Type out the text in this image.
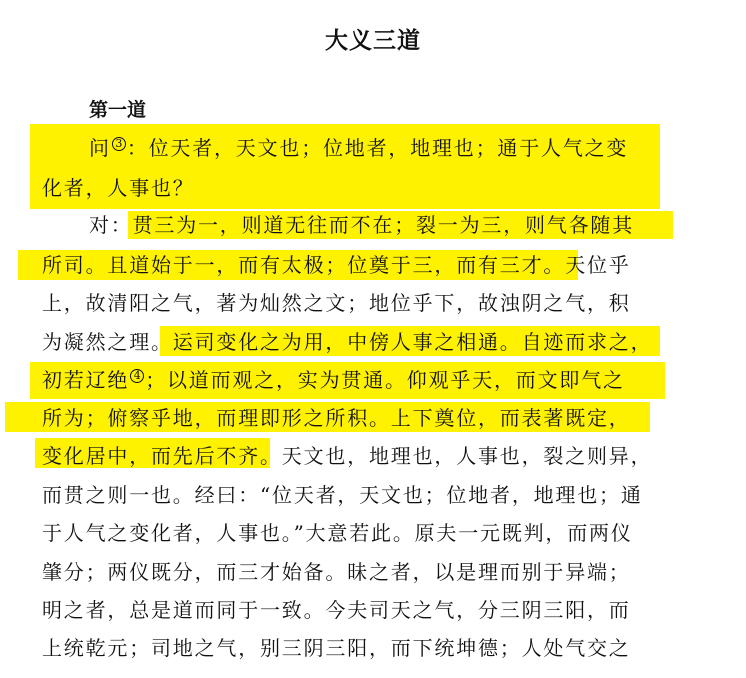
大义三道
第一道
问 3 ：位天者，天文也；位地者，地理也；通于人气之变
化者，人事也？
对：贯三为一，则道无往而不在；裂一为三，则气各随其
所司。且道始于一，而有太极；位奠于三，而有三才。天位乎
上，故清阳之气，著为灿然之文；地位乎下，故浊阴之气，积
为凝然之理。运司变化之为用，中傍人事之相通。自迹而求之，
初若辽绝 4 ；以道而观之，实为贯通。仰观乎天，而文即气之
所为；俯察乎地，而理即形之所积。上下奠位，而表著既定，
变化居中，而先后不齐。天文也，地理也，人事也，裂之则异，
而贯之则一也。经曰：“位天者，天文也；位地者，地理也；通
于人气之变化者，人事也。”大意若此。原夫一元既判，而两仪
肇分；两仪既分，而三才始备。昧之者，以是理而别于异端；
明之者，总是道而同于一致。今夫司天之气，分三阴三阳，而
上统乾元；司地之气，别三阴三阳，而下统坤德；人处气交之
